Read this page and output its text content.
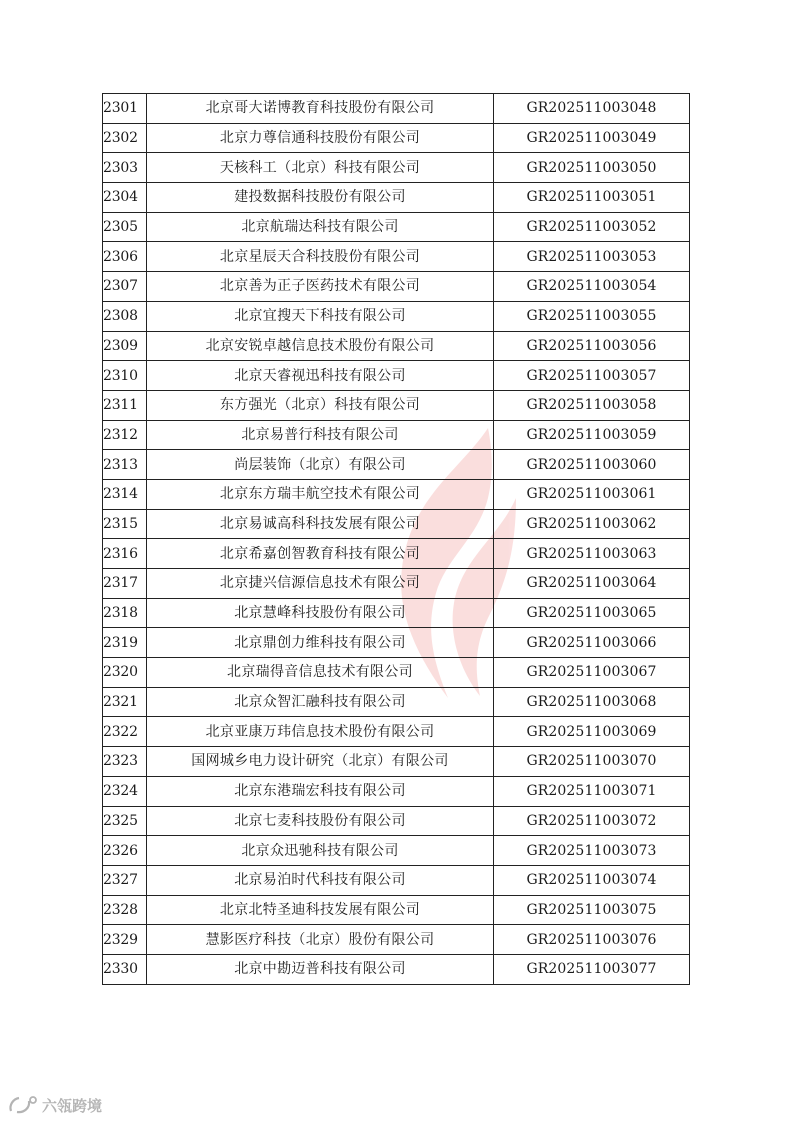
2301	北京哥大诺博教育科技股份有限公司	GR202511003048
2302	北京力尊信通科技股份有限公司	GR202511003049
2303	天核科工（北京）科技有限公司	GR202511003050
2304	建投数据科技股份有限公司	GR202511003051
2305	北京航瑞达科技有限公司	GR202511003052
2306	北京星辰天合科技股份有限公司	GR202511003053
2307	北京善为正子医药技术有限公司	GR202511003054
2308	北京宜搜天下科技有限公司	GR202511003055
2309	北京安锐卓越信息技术股份有限公司	GR202511003056
2310	北京天睿视迅科技有限公司	GR202511003057
2311	东方强光（北京）科技有限公司	GR202511003058
2312	北京易普行科技有限公司	GR202511003059
2313	尚层装饰（北京）有限公司	GR202511003060
2314	北京东方瑞丰航空技术有限公司	GR202511003061
2315	北京易诚高科科技发展有限公司	GR202511003062
2316	北京希嘉创智教育科技有限公司	GR202511003063
2317	北京捷兴信源信息技术有限公司	GR202511003064
2318	北京慧峰科技股份有限公司	GR202511003065
2319	北京鼎创力维科技有限公司	GR202511003066
2320	北京瑞得音信息技术有限公司	GR202511003067
2321	北京众智汇融科技有限公司	GR202511003068
2322	北京亚康万玮信息技术股份有限公司	GR202511003069
2323	国网城乡电力设计研究（北京）有限公司	GR202511003070
2324	北京东港瑞宏科技有限公司	GR202511003071
2325	北京七麦科技股份有限公司	GR202511003072
2326	北京众迅驰科技有限公司	GR202511003073
2327	北京易泊时代科技有限公司	GR202511003074
2328	北京北特圣迪科技发展有限公司	GR202511003075
2329	慧影医疗科技（北京）股份有限公司	GR202511003076
2330	北京中勘迈普科技有限公司	GR202511003077
六瓴跨境
